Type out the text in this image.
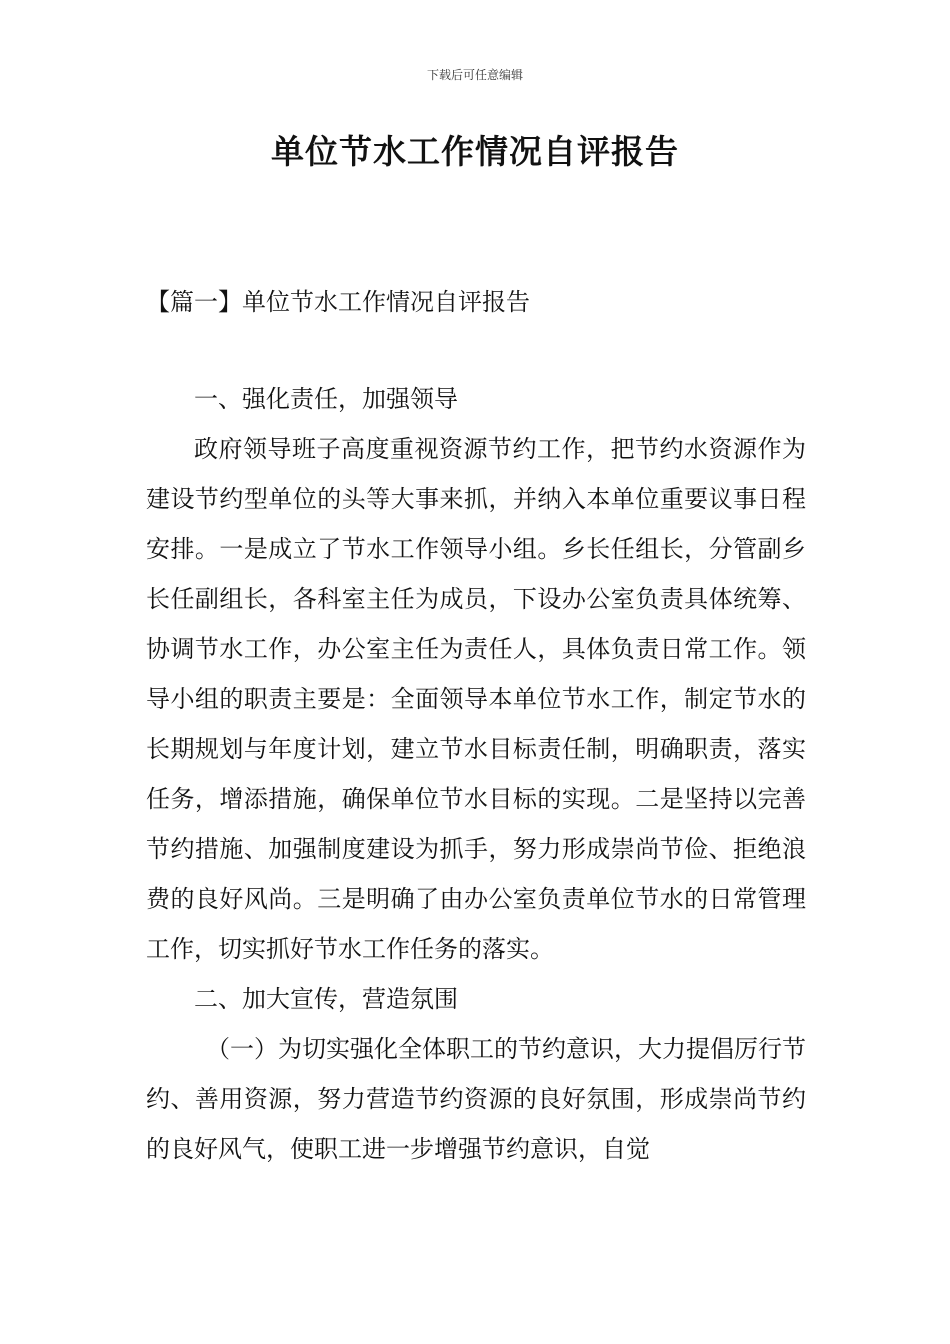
下载后可任意编辑
单位节水工作情况自评报告
【篇一】单位节水工作情况自评报告

一、强化责任，加强领导

政府领导班子高度重视资源节约工作，把节约水资源作为建设节约型单位的头等大事来抓，并纳入本单位重要议事日程安排。一是成立了节水工作领导小组。乡长任组长，分管副乡长任副组长，各科室主任为成员，下设办公室负责具体统筹、协调节水工作，办公室主任为责任人，具体负责日常工作。领导小组的职责主要是：全面领导本单位节水工作，制定节水的长期规划与年度计划，建立节水目标责任制，明确职责，落实任务，增添措施，确保单位节水目标的实现。二是坚持以完善节约措施、加强制度建设为抓手，努力形成崇尚节俭、拒绝浪费的良好风尚。三是明确了由办公室负责单位节水的日常管理工作，切实抓好节水工作任务的落实。

二、加大宣传，营造氛围

（一）为切实强化全体职工的节约意识，大力提倡厉行节约、善用资源，努力营造节约资源的良好氛围，形成崇尚节约的良好风气，使职工进一步增强节约意识，自觉
